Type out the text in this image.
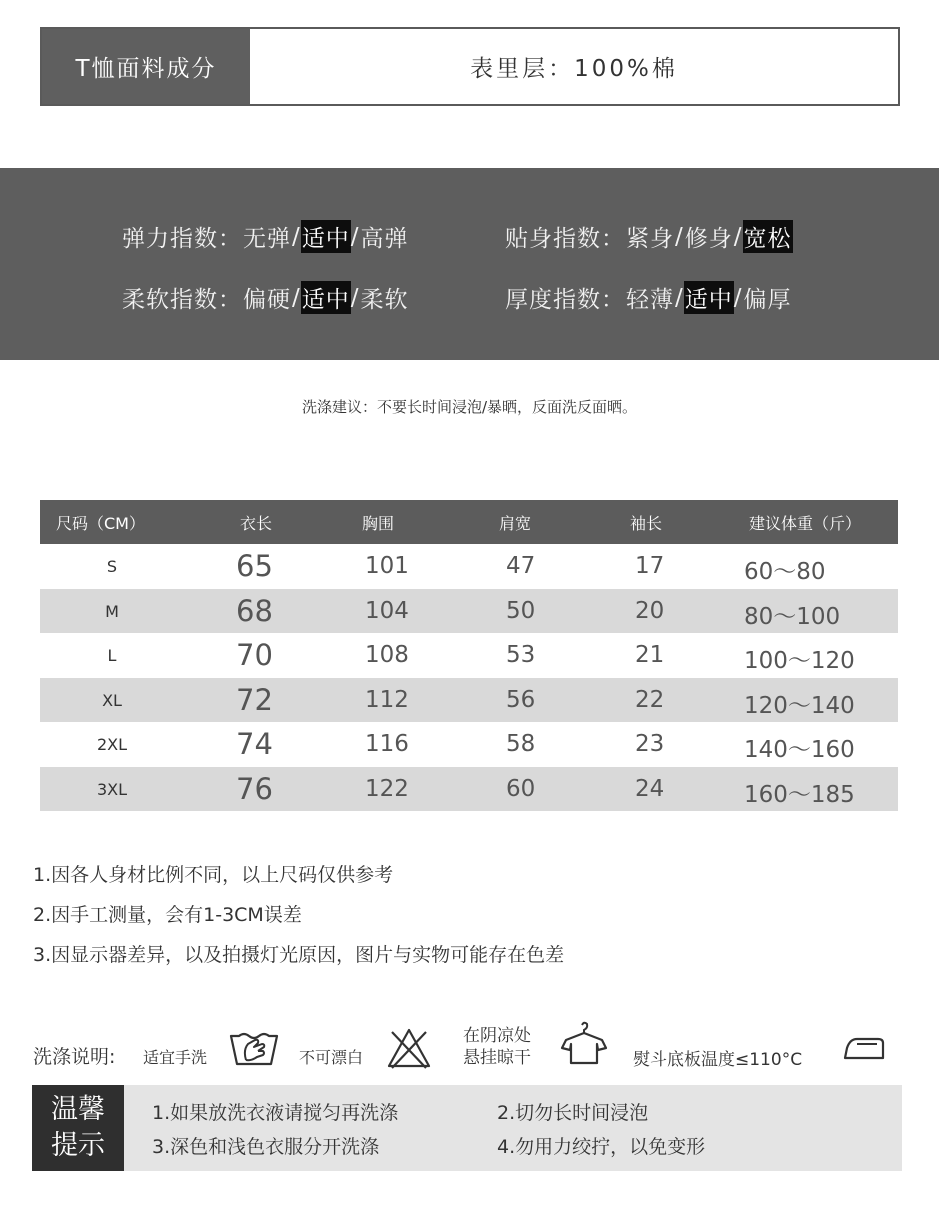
T恤面料成分	表里层：100%棉
弹力指数： 无弹 / 适中 / 高弹	贴身指数： 紧身 / 修身 / 宽松
柔软指数： 偏硬 / 适中 / 柔软	厚度指数： 轻薄 / 适中 / 偏厚
洗涤建议：不要长时间浸泡/暴晒，反面洗反面晒。
尺码（CM）	衣长	胸围	肩宽	袖长	建议体重（斤）
S	65	101	47	17	60～80
M	68	104	50	20	80～100
L	70	108	53	21	100～120
XL	72	112	56	22	120～140
2XL	74	116	58	23	140～160
3XL	76	122	60	24	160～185
1.因各人身材比例不同，以上尺码仅供参考
2.因手工测量，会有1-3CM误差
3.因显示器差异，以及拍摄灯光原因，图片与实物可能存在色差
洗涤说明: 适宜手洗	不可漂白
在阴凉处
悬挂晾干	熨斗底板温度≤110°C
温馨
提示
1.如果放洗衣液请搅匀再洗涤	2.切勿长时间浸泡
3.深色和浅色衣服分开洗涤	4.勿用力绞拧，以免变形
